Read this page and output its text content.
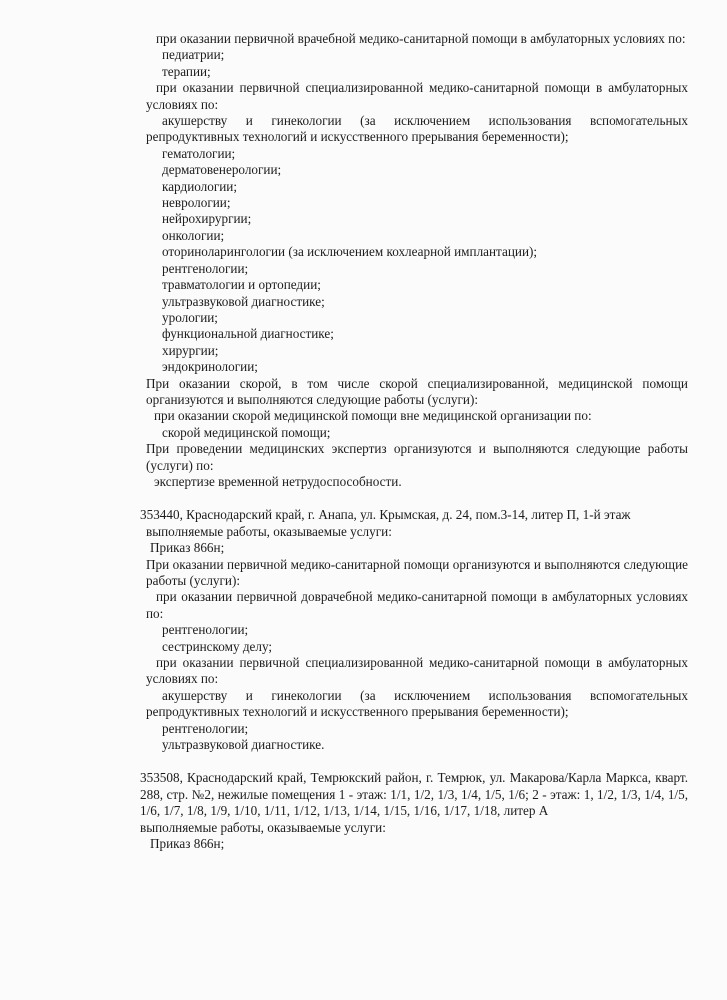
при оказании первичной врачебной медико-санитарной помощи в амбулаторных условиях по:

педиатрии;

терапии;

при оказании первичной специализированной медико-санитарной помощи в амбулаторных условиях по:

акушерству и гинекологии (за исключением использования вспомогательных репродуктивных технологий и искусственного прерывания беременности);

гематологии;

дерматовенерологии;

кардиологии;

неврологии;

нейрохирургии;

онкологии;

оториноларингологии (за исключением кохлеарной имплантации);

рентгенологии;

травматологии и ортопедии;

ультразвуковой диагностике;

урологии;

функциональной диагностике;

хирургии;

эндокринологии;

При оказании скорой, в том числе скорой специализированной, медицинской помощи организуются и выполняются следующие работы (услуги):

при оказании скорой медицинской помощи вне медицинской организации по:

скорой медицинской помощи;

При проведении медицинских экспертиз организуются и выполняются следующие работы (услуги) по:

экспертизе временной нетрудоспособности.

353440, Краснодарский край, г. Анапа, ул. Крымская, д. 24, пом.3-14, литер П, 1-й этаж

выполняемые работы, оказываемые услуги:

Приказ 866н;

При оказании первичной медико-санитарной помощи организуются и выполняются следующие работы (услуги):

при оказании первичной доврачебной медико-санитарной помощи в амбулаторных условиях по:

рентгенологии;

сестринскому делу;

при оказании первичной специализированной медико-санитарной помощи в амбулаторных условиях по:

акушерству и гинекологии (за исключением использования вспомогательных репродуктивных технологий и искусственного прерывания беременности);

рентгенологии;

ультразвуковой диагностике.

353508, Краснодарский край, Темрюкский район, г. Темрюк, ул. Макарова/Карла Маркса, кварт. 288, стр. №2, нежилые помещения 1 - этаж: 1/1, 1/2, 1/3, 1/4, 1/5, 1/6; 2 - этаж: 1, 1/2, 1/3, 1/4, 1/5, 1/6, 1/7, 1/8, 1/9, 1/10, 1/11, 1/12, 1/13, 1/14, 1/15, 1/16, 1/17, 1/18, литер А

выполняемые работы, оказываемые услуги:

Приказ 866н;
